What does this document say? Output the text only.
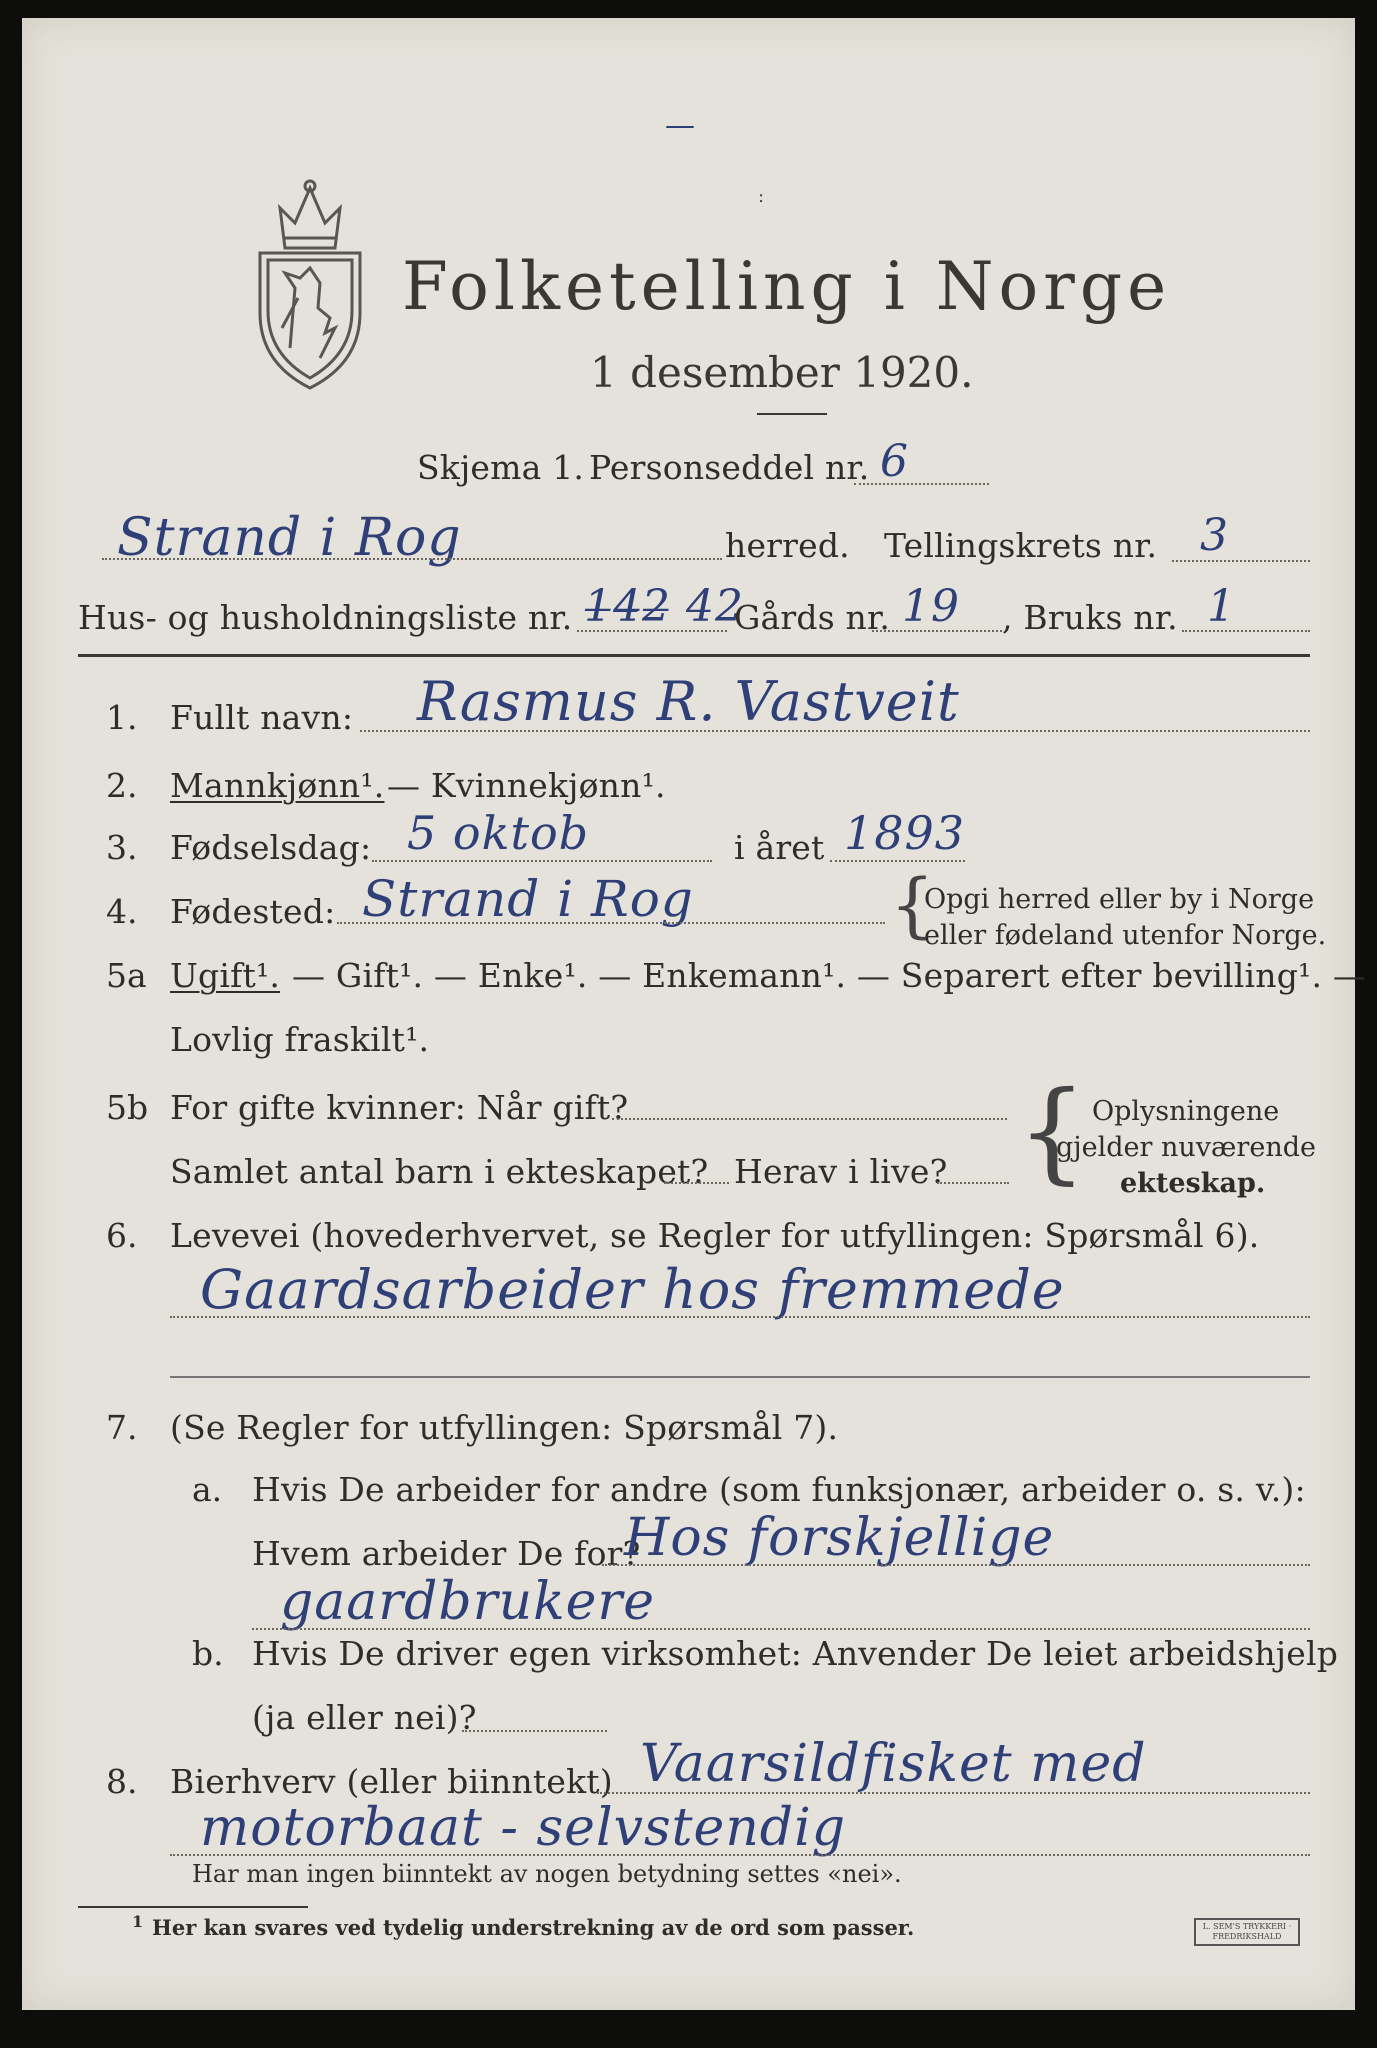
—
:
Folketelling i Norge
1 desember 1920.
Skjema 1. Personseddel nr. 6
Strand i Rog	herred. Tellingskrets nr. 3
Hus- og husholdningsliste nr. 1̶4̶2̶ 42
Gårds nr. 19 , Bruks nr. 1
1. Fullt navn: Rasmus R. Vastveit
2. Mannkjønn¹. — Kvinnekjønn¹.
3. Fødselsdag: 5 oktob	i året 1893
4. Fødested: Strand i Rog	{
Opgi herred eller by i Norge
eller fødeland utenfor Norge.
5a Ugift¹. — Gift¹. — Enke¹. — Enkemann¹. — Separert efter bevilling¹. —
Lovlig fraskilt¹.
5b For gifte kvinner: Når gift?
Samlet antal barn i ekteskapet? Herav i live? { Oplysningene
gjelder nuværende
ekteskap.
6. Levevei (hovederhvervet, se Regler for utfyllingen: Spørsmål 6).
Gaardsarbeider hos fremmede
7. (Se Regler for utfyllingen: Spørsmål 7).
a. Hvis De arbeider for andre (som funksjonær, arbeider o. s. v.):
Hvem arbeider De for?
Hos forskjellige
gaardbrukere
b. Hvis De driver egen virksomhet: Anvender De leiet arbeidshjelp
(ja eller nei)?
8. Bierhverv (eller biinntekt) Vaarsildfisket med
motorbaat - selvstendig
Har man ingen biinntekt av nogen betydning settes «nei».
1 Her kan svares ved tydelig understrekning av de ord som passer.	L. SEM'S TRYKKERI · FREDRIKSHALD
